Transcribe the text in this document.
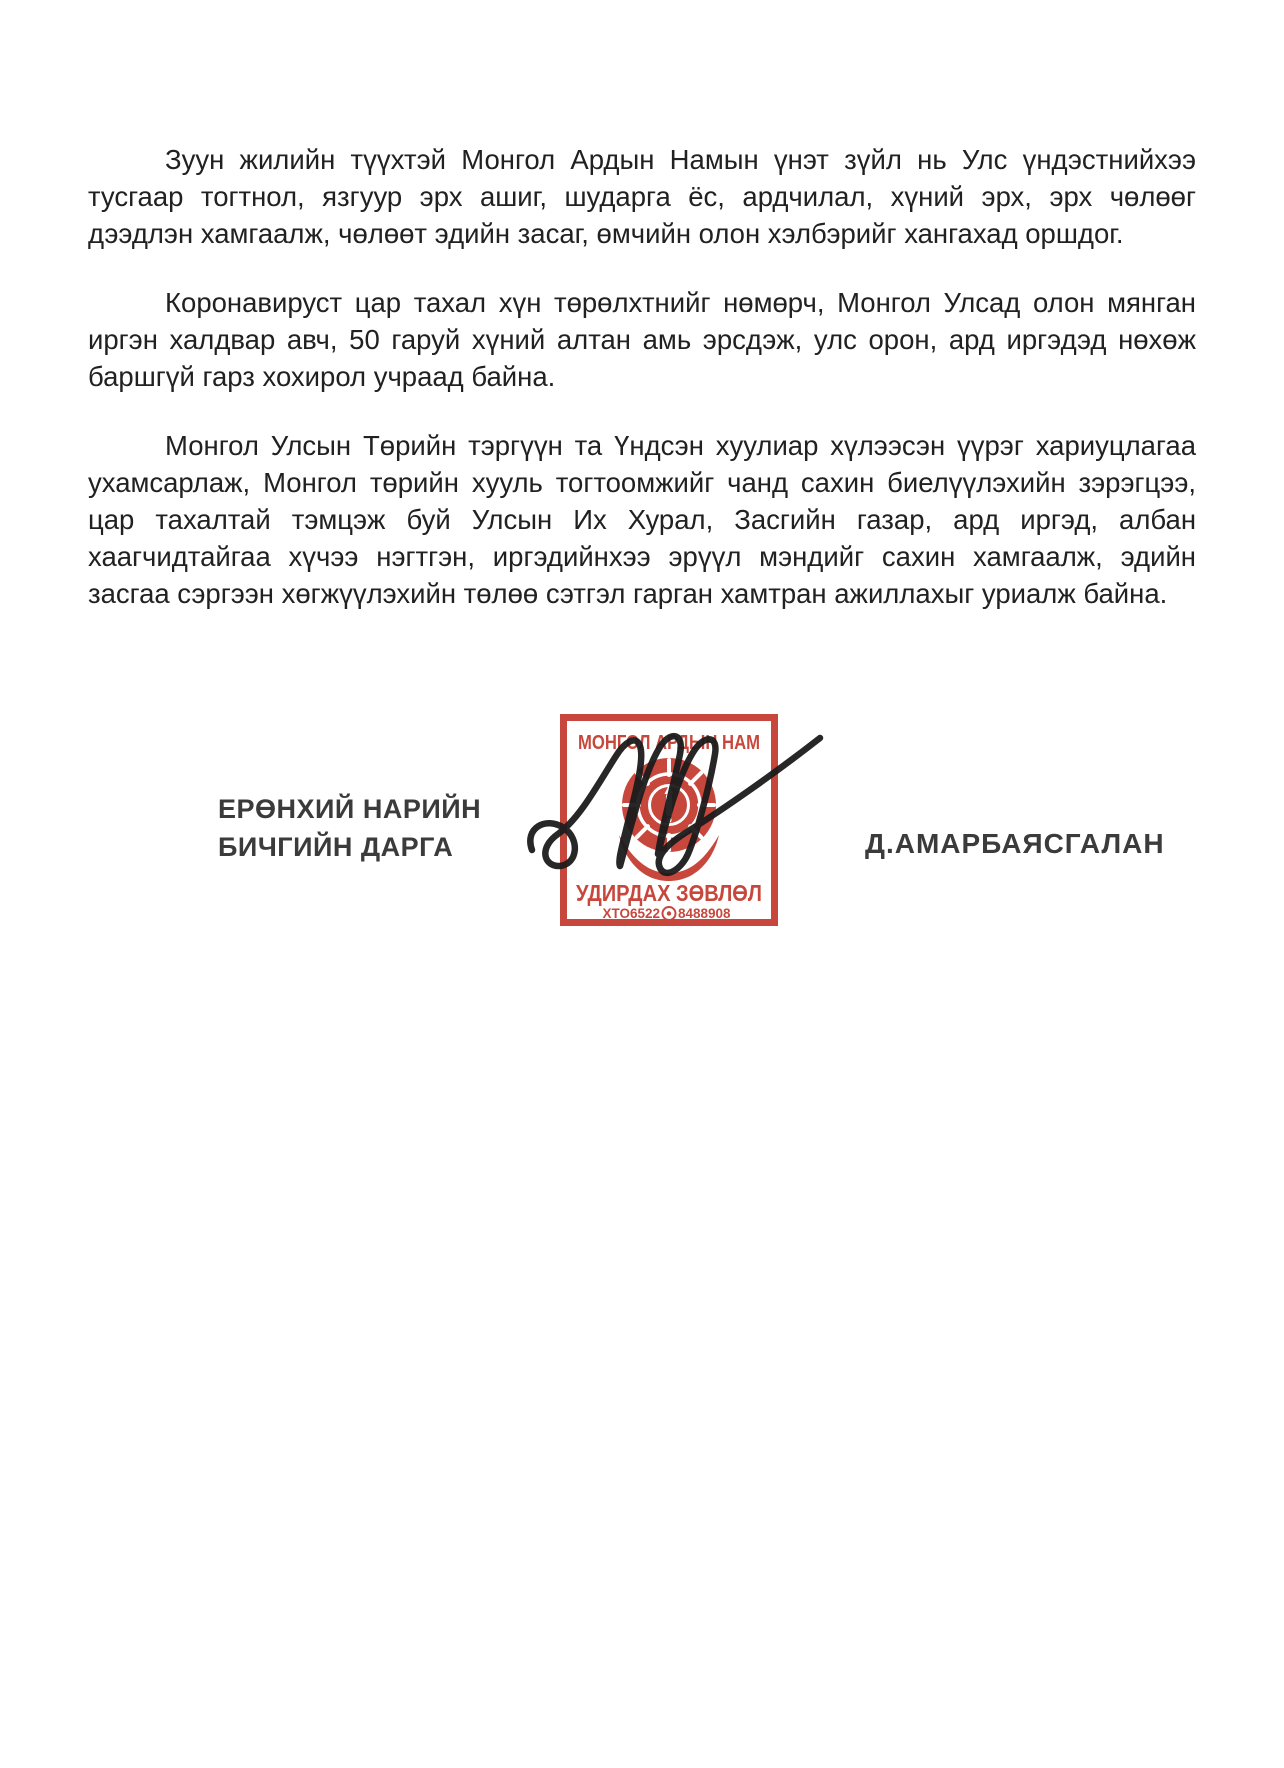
Зуун жилийн түүхтэй Монгол Ардын Намын үнэт зүйл нь Улс үндэстнийхээ тусгаар тогтнол, язгуур эрх ашиг, шударга ёс, ардчилал, хүний эрх, эрх чөлөөг дээдлэн хамгаалж, чөлөөт эдийн засаг, өмчийн олон хэлбэрийг хангахад оршдог.

Коронавируст цар тахал хүн төрөлхтнийг нөмөрч, Монгол Улсад олон мянган иргэн халдвар авч, 50 гаруй хүний алтан амь эрсдэж, улс орон, ард иргэдэд нөхөж баршгүй гарз хохирол учраад байна.

Монгол Улсын Төрийн тэргүүн та Үндсэн хуулиар хүлээсэн үүрэг хариуцлагаа ухамсарлаж, Монгол төрийн хууль тогтоомжийг чанд сахин биелүүлэхийн зэрэгцээ, цар тахалтай тэмцэж буй Улсын Их Хурал, Засгийн газар, ард иргэд, албан хаагчидтайгаа хүчээ нэгтгэн, иргэдийнхээ эрүүл мэндийг сахин хамгаалж, эдийн засгаа сэргээн хөгжүүлэхийн төлөө сэтгэл гарган хамтран ажиллахыг уриалж байна.

ЕРӨНХИЙ НАРИЙН
БИЧГИЙН ДАРГА	Д.АМАРБАЯСГАЛАН
МОНГОЛ АРДЫН НАМ
УДИРДАХ ЗӨВЛӨЛ
ХТО6522 8488908
